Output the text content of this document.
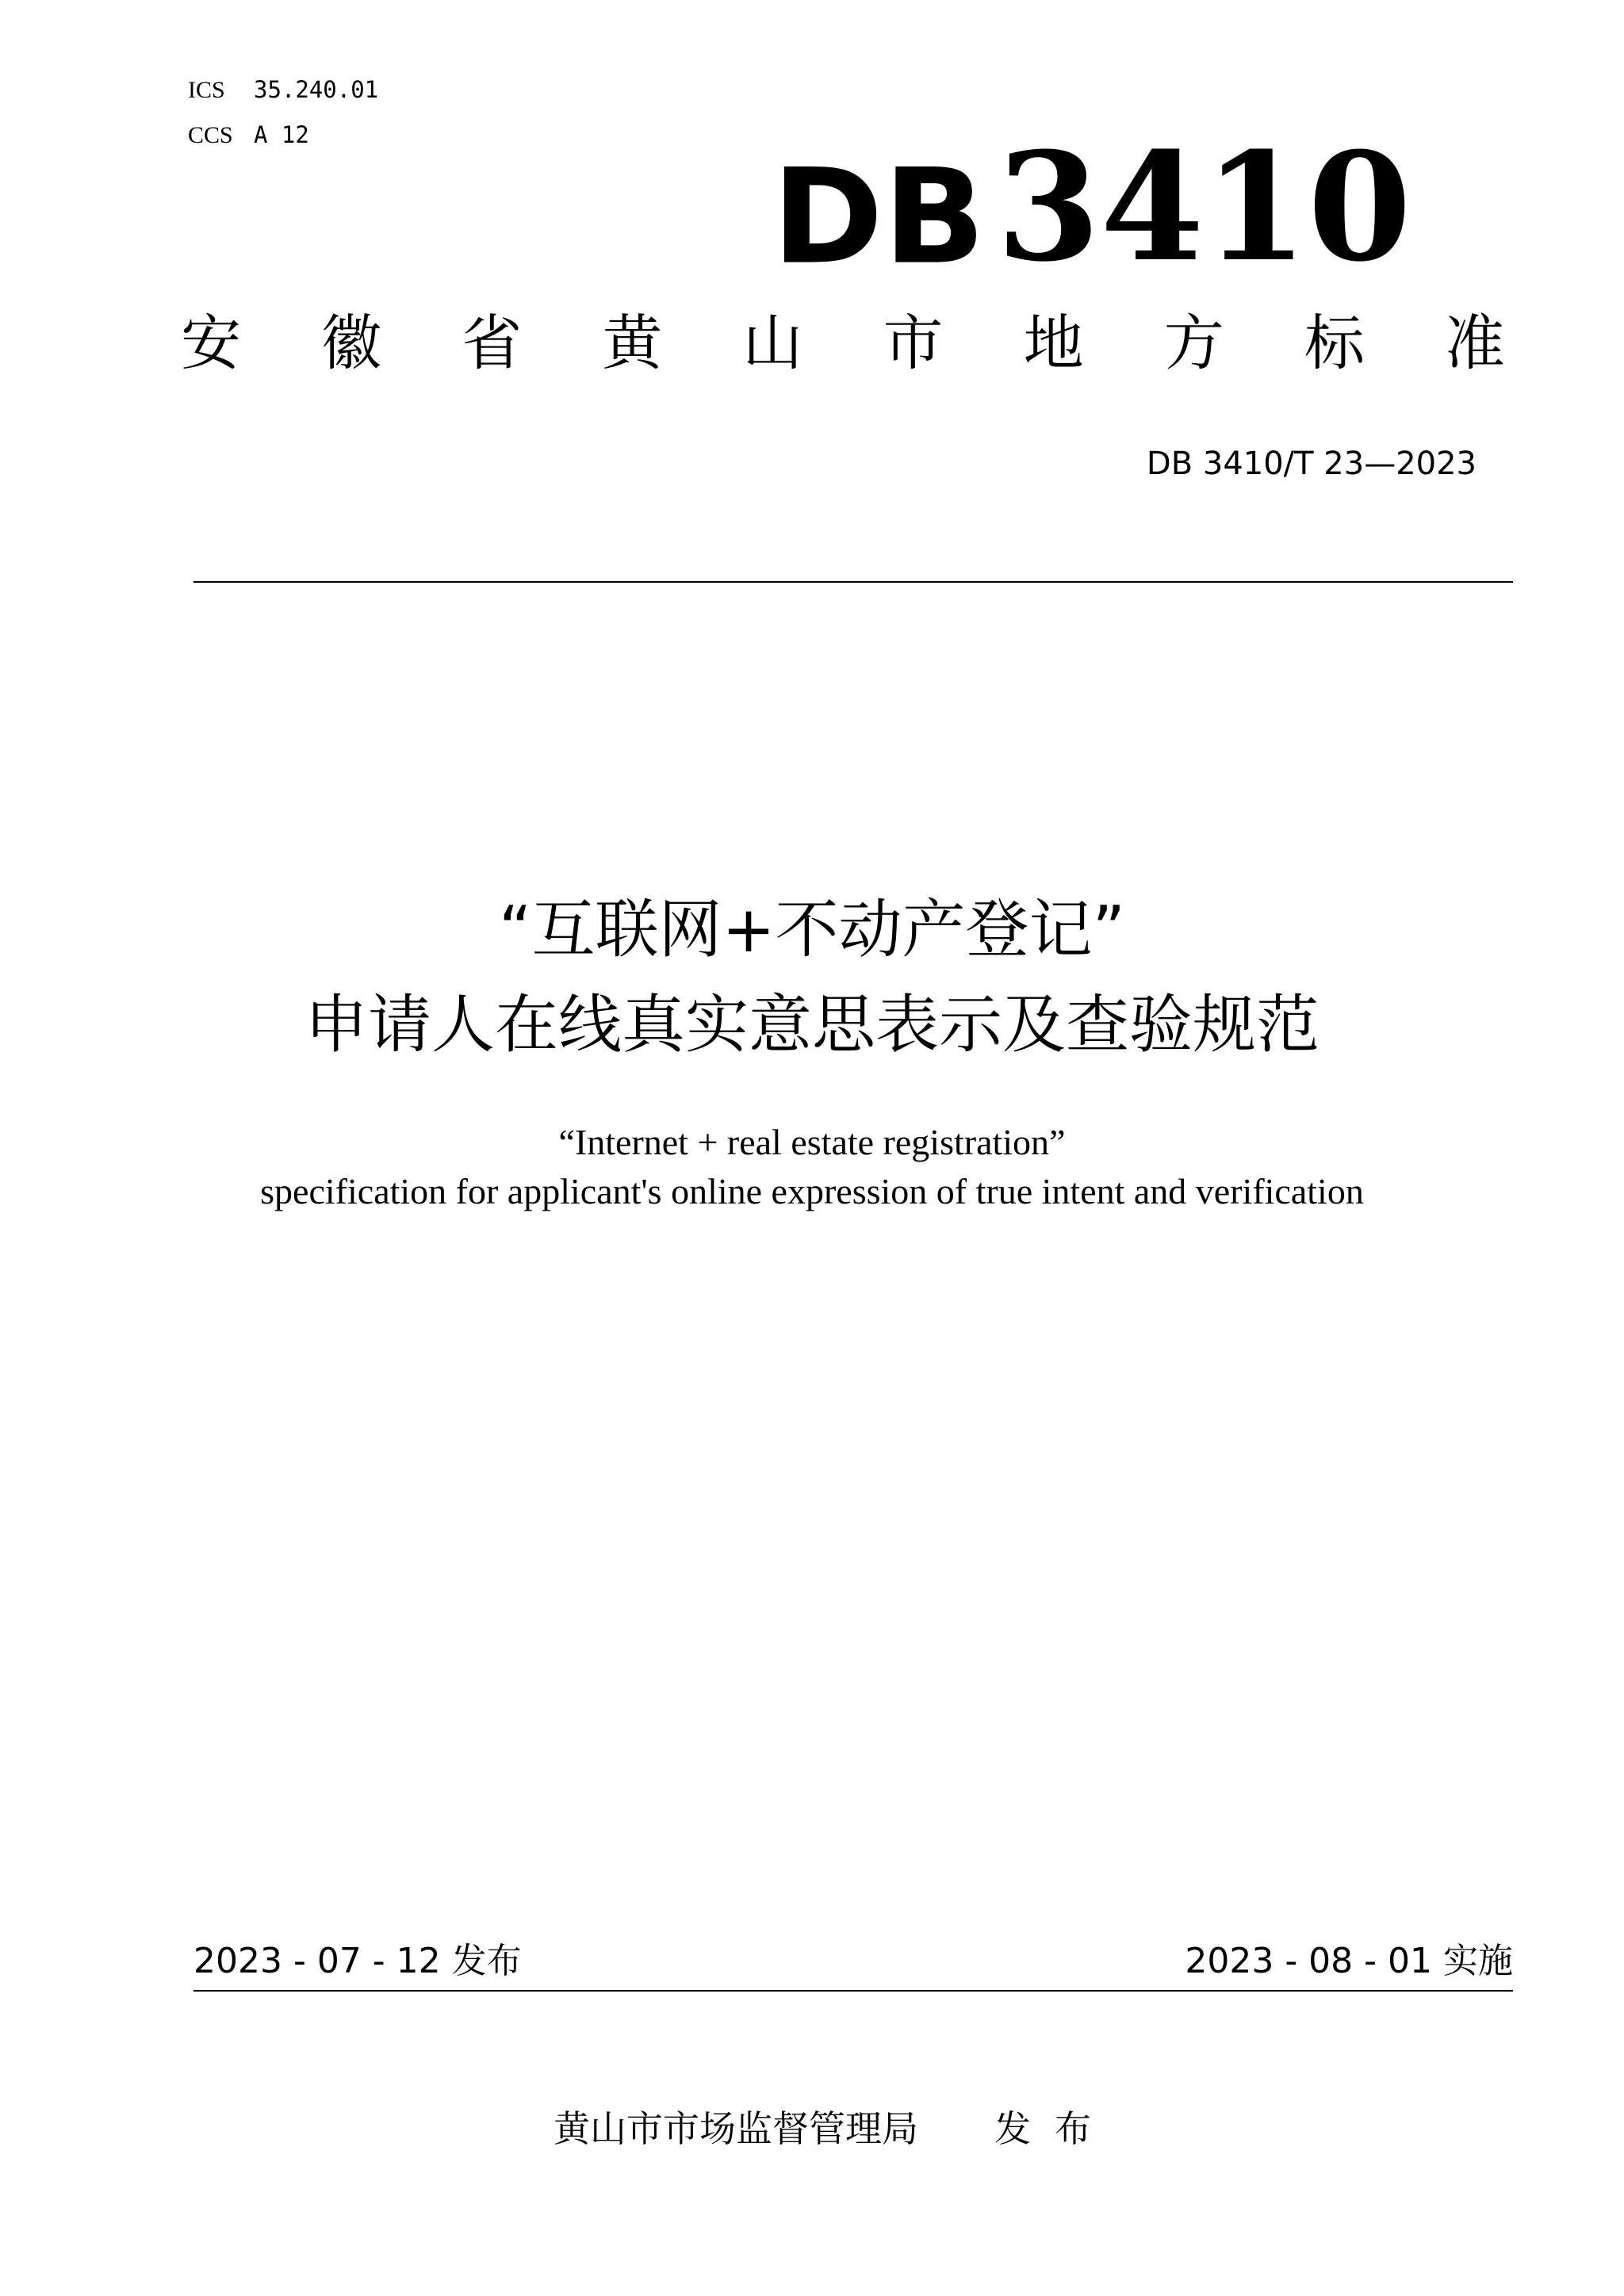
ICS 35.240.01
CCS A 12
DB3410
安 徽 省 黄 山 市 地 方 标 准
DB 3410/T 23—2023
“互联网+不动产登记”
申请人在线真实意思表示及查验规范
“Internet + real estate registration”
specification for applicant's online expression of true intent and verification
2023 - 07 - 12 发布	2023 - 08 - 01 实施
黄山市市场监督管理局 发布
